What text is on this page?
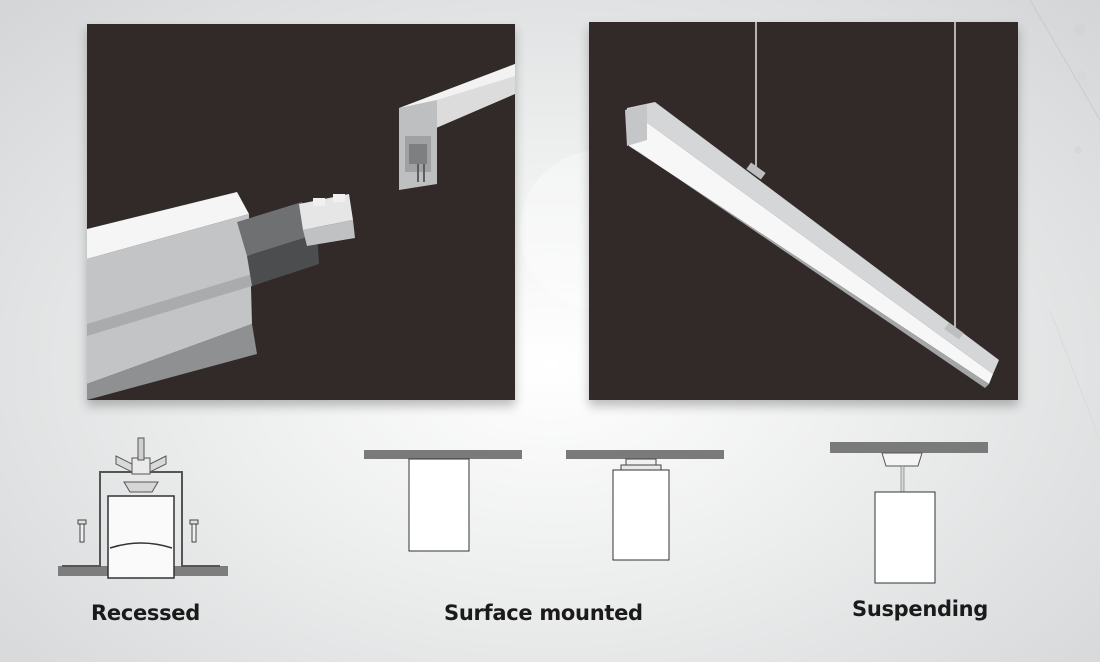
Recessed	Surface mounted	Suspending
